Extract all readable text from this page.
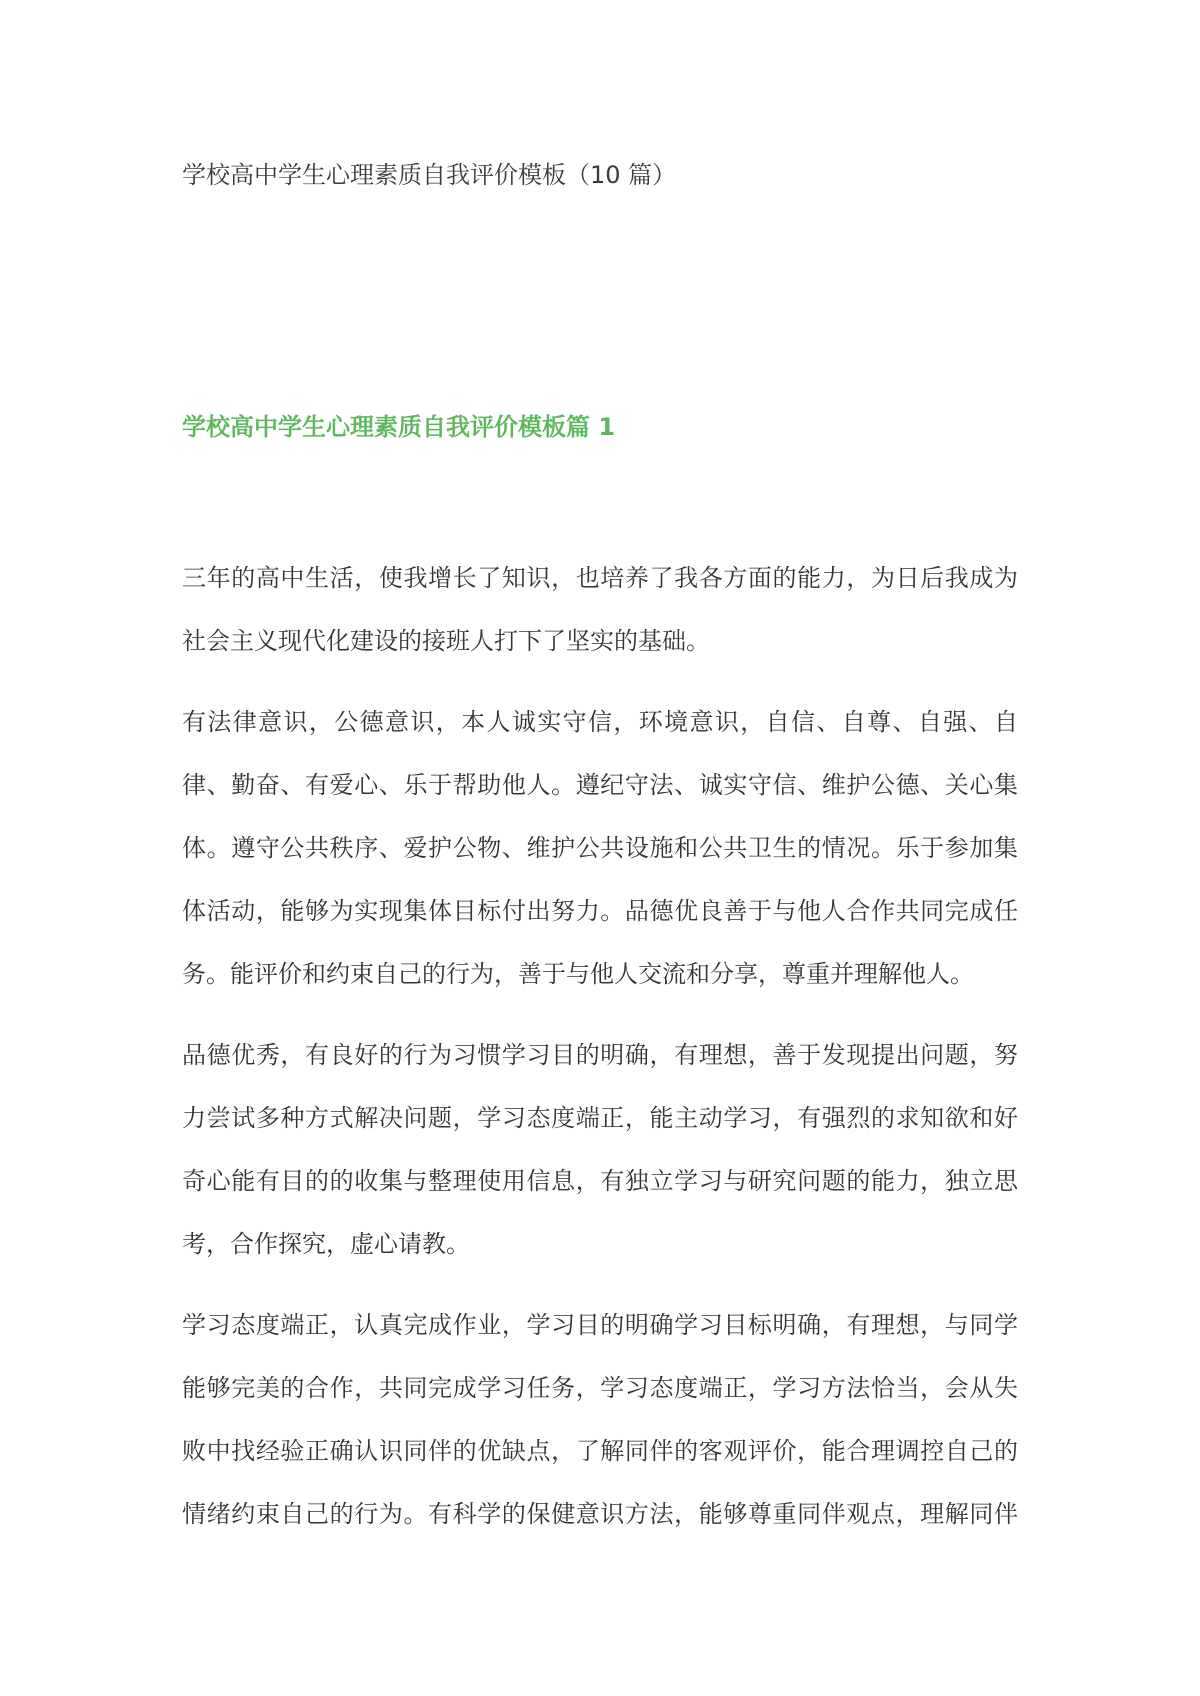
学校高中学生心理素质自我评价模板（10 篇）
学校高中学生心理素质自我评价模板篇 1

三年的高中生活，使我增长了知识，也培养了我各方面的能力，为日后我成为
社会主义现代化建设的接班人打下了坚实的基础。

有法律意识，公德意识，本人诚实守信，环境意识，自信、自尊、自强、自
律、勤奋、有爱心、乐于帮助他人。遵纪守法、诚实守信、维护公德、关心集
体。遵守公共秩序、爱护公物、维护公共设施和公共卫生的情况。乐于参加集
体活动，能够为实现集体目标付出努力。品德优良善于与他人合作共同完成任
务。能评价和约束自己的行为，善于与他人交流和分享，尊重并理解他人。

品德优秀，有良好的行为习惯学习目的明确，有理想，善于发现提出问题，努
力尝试多种方式解决问题，学习态度端正，能主动学习，有强烈的求知欲和好
奇心能有目的的收集与整理使用信息，有独立学习与研究问题的能力，独立思
考，合作探究，虚心请教。

学习态度端正，认真完成作业，学习目的明确学习目标明确，有理想，与同学
能够完美的合作，共同完成学习任务，学习态度端正，学习方法恰当，会从失
败中找经验正确认识同伴的优缺点，了解同伴的客观评价，能合理调控自己的
情绪约束自己的行为。有科学的保健意识方法，能够尊重同伴观点，理解同伴
